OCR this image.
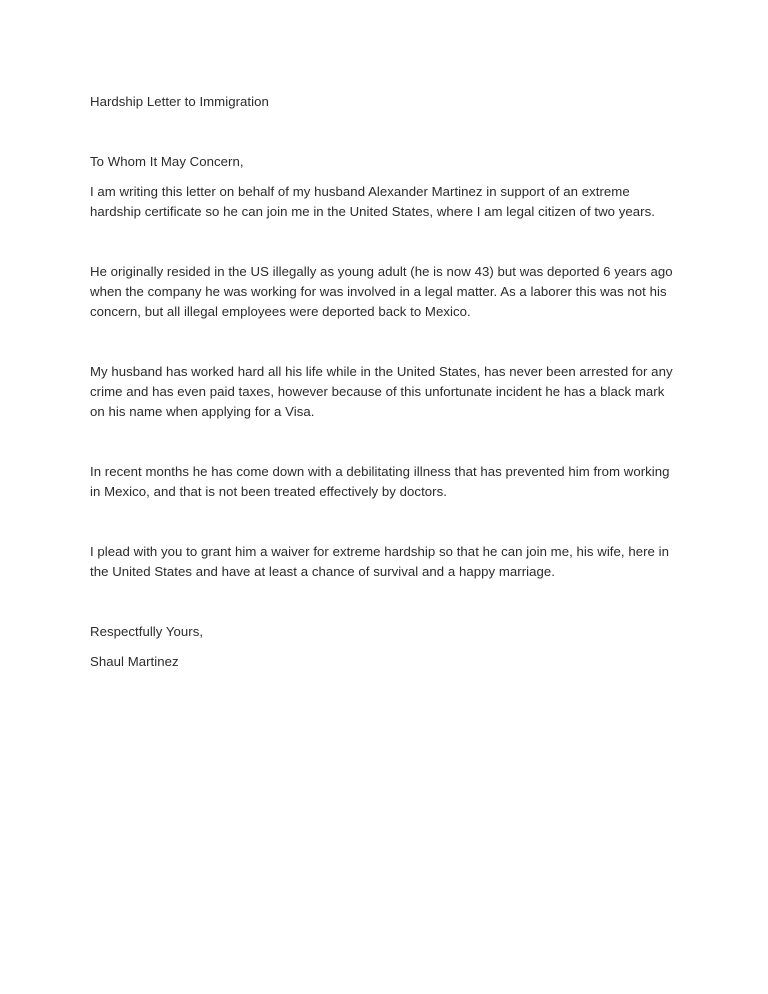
Hardship Letter to Immigration

To Whom It May Concern,

I am writing this letter on behalf of my husband Alexander Martinez in support of an extreme hardship certificate so he can join me in the United States, where I am legal citizen of two years.

He originally resided in the US illegally as young adult (he is now 43) but was deported 6 years ago when the company he was working for was involved in a legal matter. As a laborer this was not his concern, but all illegal employees were deported back to Mexico.

My husband has worked hard all his life while in the United States, has never been arrested for any crime and has even paid taxes, however because of this unfortunate incident he has a black mark on his name when applying for a Visa.

In recent months he has come down with a debilitating illness that has prevented him from working in Mexico, and that is not been treated effectively by doctors.

I plead with you to grant him a waiver for extreme hardship so that he can join me, his wife, here in the United States and have at least a chance of survival and a happy marriage.

Respectfully Yours,

Shaul Martinez
